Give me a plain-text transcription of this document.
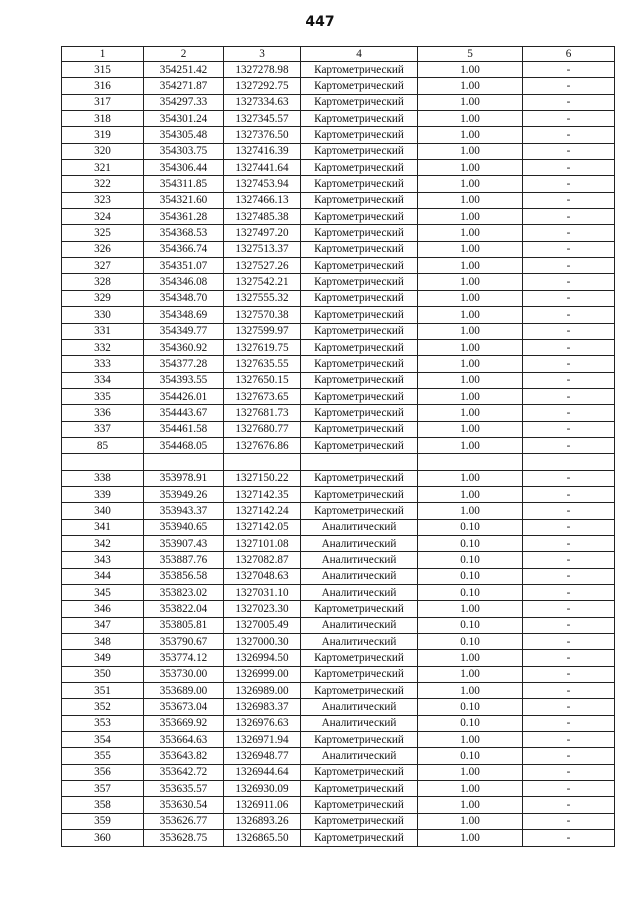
447
1	2	3	4	5	6
315	354251.42	1327278.98	Картометрический	1.00	-
316	354271.87	1327292.75	Картометрический	1.00	-
317	354297.33	1327334.63	Картометрический	1.00	-
318	354301.24	1327345.57	Картометрический	1.00	-
319	354305.48	1327376.50	Картометрический	1.00	-
320	354303.75	1327416.39	Картометрический	1.00	-
321	354306.44	1327441.64	Картометрический	1.00	-
322	354311.85	1327453.94	Картометрический	1.00	-
323	354321.60	1327466.13	Картометрический	1.00	-
324	354361.28	1327485.38	Картометрический	1.00	-
325	354368.53	1327497.20	Картометрический	1.00	-
326	354366.74	1327513.37	Картометрический	1.00	-
327	354351.07	1327527.26	Картометрический	1.00	-
328	354346.08	1327542.21	Картометрический	1.00	-
329	354348.70	1327555.32	Картометрический	1.00	-
330	354348.69	1327570.38	Картометрический	1.00	-
331	354349.77	1327599.97	Картометрический	1.00	-
332	354360.92	1327619.75	Картометрический	1.00	-
333	354377.28	1327635.55	Картометрический	1.00	-
334	354393.55	1327650.15	Картометрический	1.00	-
335	354426.01	1327673.65	Картометрический	1.00	-
336	354443.67	1327681.73	Картометрический	1.00	-
337	354461.58	1327680.77	Картометрический	1.00	-
85	354468.05	1327676.86	Картометрический	1.00	-

338	353978.91	1327150.22	Картометрический	1.00	-
339	353949.26	1327142.35	Картометрический	1.00	-
340	353943.37	1327142.24	Картометрический	1.00	-
341	353940.65	1327142.05	Аналитический	0.10	-
342	353907.43	1327101.08	Аналитический	0.10	-
343	353887.76	1327082.87	Аналитический	0.10	-
344	353856.58	1327048.63	Аналитический	0.10	-
345	353823.02	1327031.10	Аналитический	0.10	-
346	353822.04	1327023.30	Картометрический	1.00	-
347	353805.81	1327005.49	Аналитический	0.10	-
348	353790.67	1327000.30	Аналитический	0.10	-
349	353774.12	1326994.50	Картометрический	1.00	-
350	353730.00	1326999.00	Картометрический	1.00	-
351	353689.00	1326989.00	Картометрический	1.00	-
352	353673.04	1326983.37	Аналитический	0.10	-
353	353669.92	1326976.63	Аналитический	0.10	-
354	353664.63	1326971.94	Картометрический	1.00	-
355	353643.82	1326948.77	Аналитический	0.10	-
356	353642.72	1326944.64	Картометрический	1.00	-
357	353635.57	1326930.09	Картометрический	1.00	-
358	353630.54	1326911.06	Картометрический	1.00	-
359	353626.77	1326893.26	Картометрический	1.00	-
360	353628.75	1326865.50	Картометрический	1.00	-
